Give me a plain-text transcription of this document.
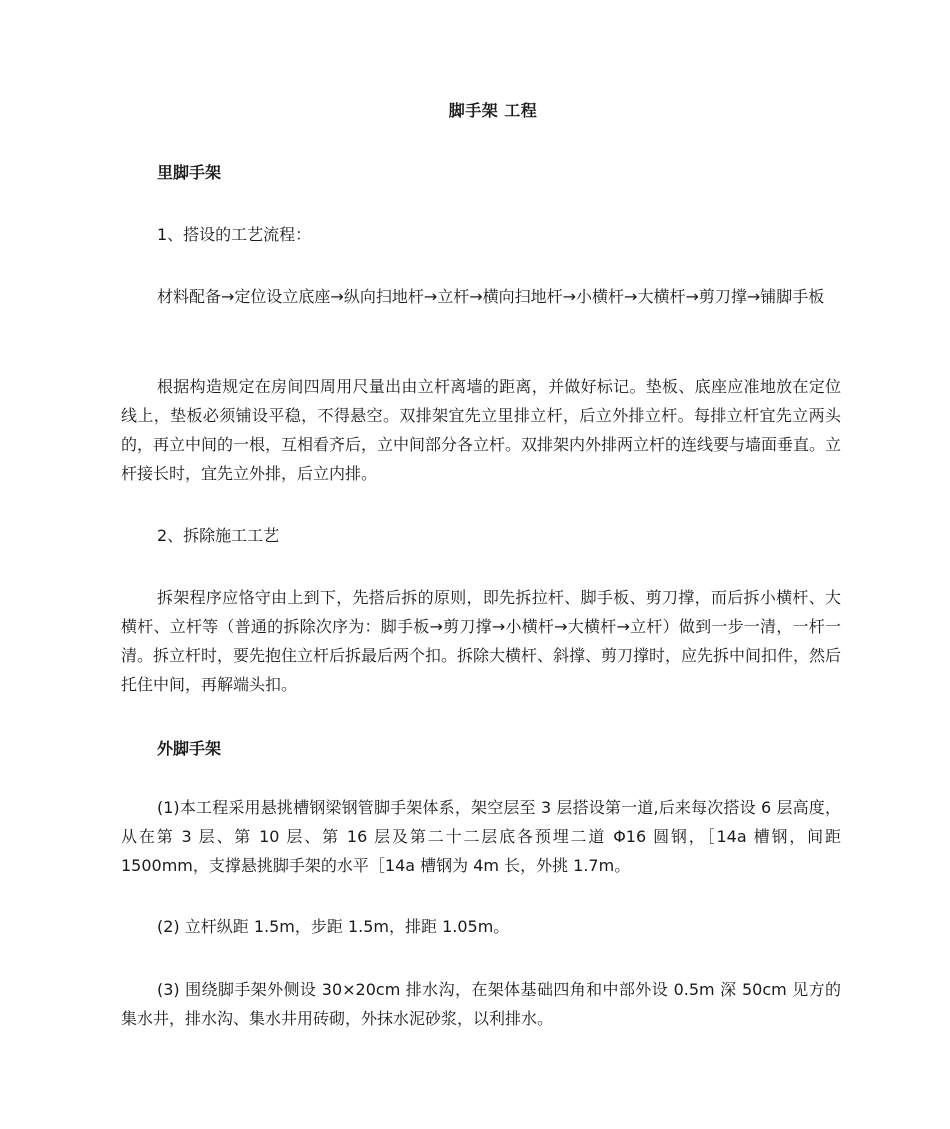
脚手架 工程
里脚手架

1、搭设的工艺流程：

材料配备→定位设立底座→纵向扫地杆→立杆→横向扫地杆→小横杆→大横杆→剪刀撑→铺脚手板

根据构造规定在房间四周用尺量出由立杆离墙的距离，并做好标记。垫板、底座应准地放在定位线上，垫板必须铺设平稳，不得悬空。双排架宜先立里排立杆，后立外排立杆。每排立杆宜先立两头的，再立中间的一根，互相看齐后，立中间部分各立杆。双排架内外排两立杆的连线要与墙面垂直。立杆接长时，宜先立外排，后立内排。

2、拆除施工工艺

拆架程序应恪守由上到下，先搭后拆的原则，即先拆拉杆、脚手板、剪刀撑，而后拆小横杆、大横杆、立杆等（普通的拆除次序为：脚手板→剪刀撑→小横杆→大横杆→立杆）做到一步一清，一杆一清。拆立杆时，要先抱住立杆后拆最后两个扣。拆除大横杆、斜撑、剪刀撑时，应先拆中间扣件，然后托住中间，再解端头扣。

外脚手架

(1)本工程采用悬挑槽钢梁钢管脚手架体系，架空层至 3 层搭设第一道,后来每次搭设 6 层高度，从在第 3 层、第 10 层、第 16 层及第二十二层底各预埋二道 Φ16 圆钢，［14a 槽钢，间距 1500mm，支撑悬挑脚手架的水平［14a 槽钢为 4m 长，外挑 1.7m。

(2) 立杆纵距 1.5m，步距 1.5m，排距 1.05m。

(3) 围绕脚手架外侧设 30×20cm 排水沟，在架体基础四角和中部外设 0.5m 深 50cm 见方的集水井，排水沟、集水井用砖砌，外抹水泥砂浆，以利排水。
